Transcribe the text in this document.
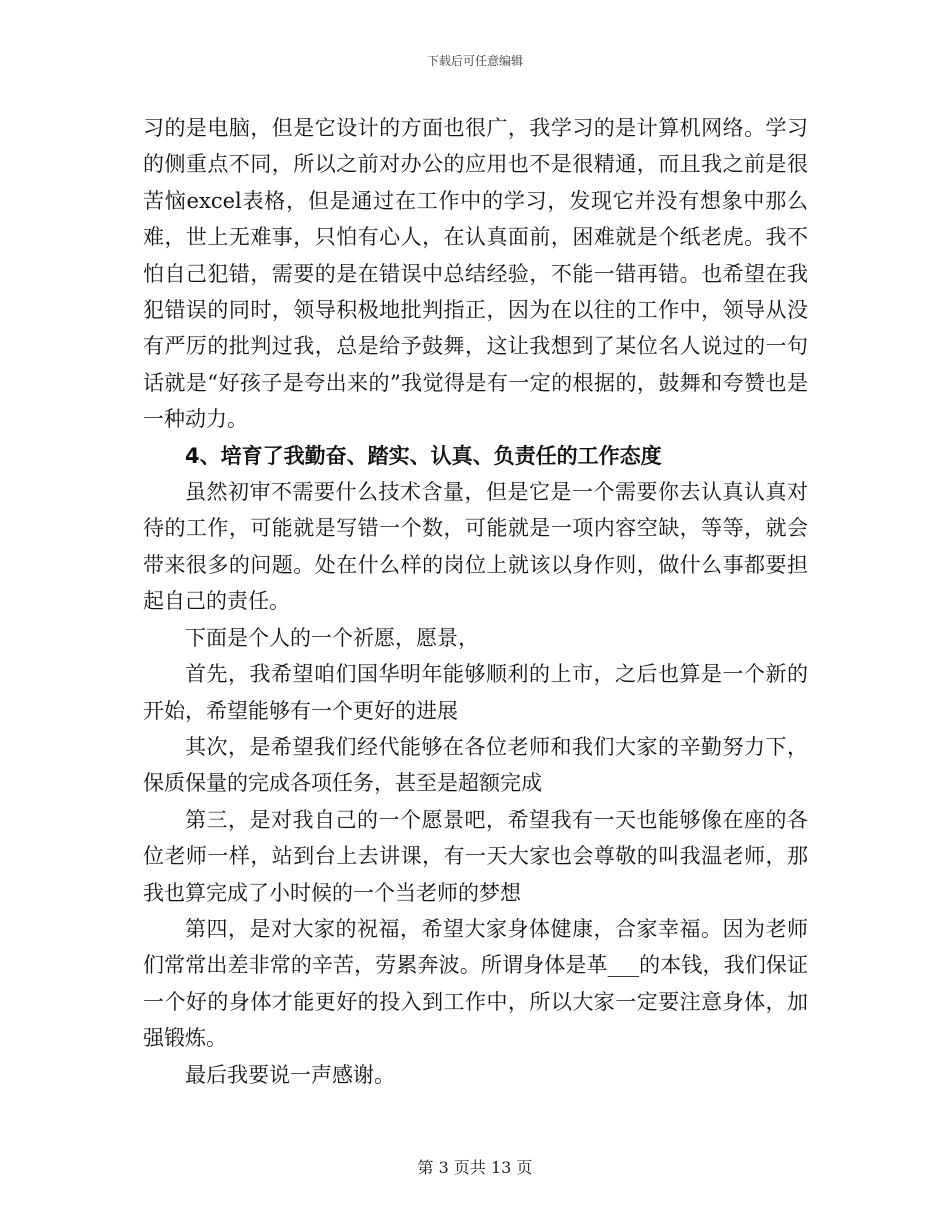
下载后可任意编辑

习的是电脑，但是它设计的方面也很广，我学习的是计算机网络。学习的侧重点不同，所以之前对办公的应用也不是很精通，而且我之前是很苦恼excel表格，但是通过在工作中的学习，发现它并没有想象中那么难，世上无难事，只怕有心人，在认真面前，困难就是个纸老虎。我不怕自己犯错，需要的是在错误中总结经验，不能一错再错。也希望在我犯错误的同时，领导积极地批判指正，因为在以往的工作中，领导从没有严厉的批判过我，总是给予鼓舞，这让我想到了某位名人说过的一句话就是“好孩子是夸出来的”我觉得是有一定的根据的，鼓舞和夸赞也是一种动力。

4、培育了我勤奋、踏实、认真、负责任的工作态度

虽然初审不需要什么技术含量，但是它是一个需要你去认真认真对待的工作，可能就是写错一个数，可能就是一项内容空缺，等等，就会带来很多的问题。处在什么样的岗位上就该以身作则，做什么事都要担起自己的责任。

下面是个人的一个祈愿，愿景，

首先，我希望咱们国华明年能够顺利的上市，之后也算是一个新的开始，希望能够有一个更好的进展

其次，是希望我们经代能够在各位老师和我们大家的辛勤努力下，保质保量的完成各项任务，甚至是超额完成

第三，是对我自己的一个愿景吧，希望我有一天也能够像在座的各位老师一样，站到台上去讲课，有一天大家也会尊敬的叫我温老师，那我也算完成了小时候的一个当老师的梦想

第四，是对大家的祝福，希望大家身体健康，合家幸福。因为老师们常常出差非常的辛苦，劳累奔波。所谓身体是革___的本钱，我们保证一个好的身体才能更好的投入到工作中，所以大家一定要注意身体，加强锻炼。

最后我要说一声感谢。

第 3 页共 13 页
